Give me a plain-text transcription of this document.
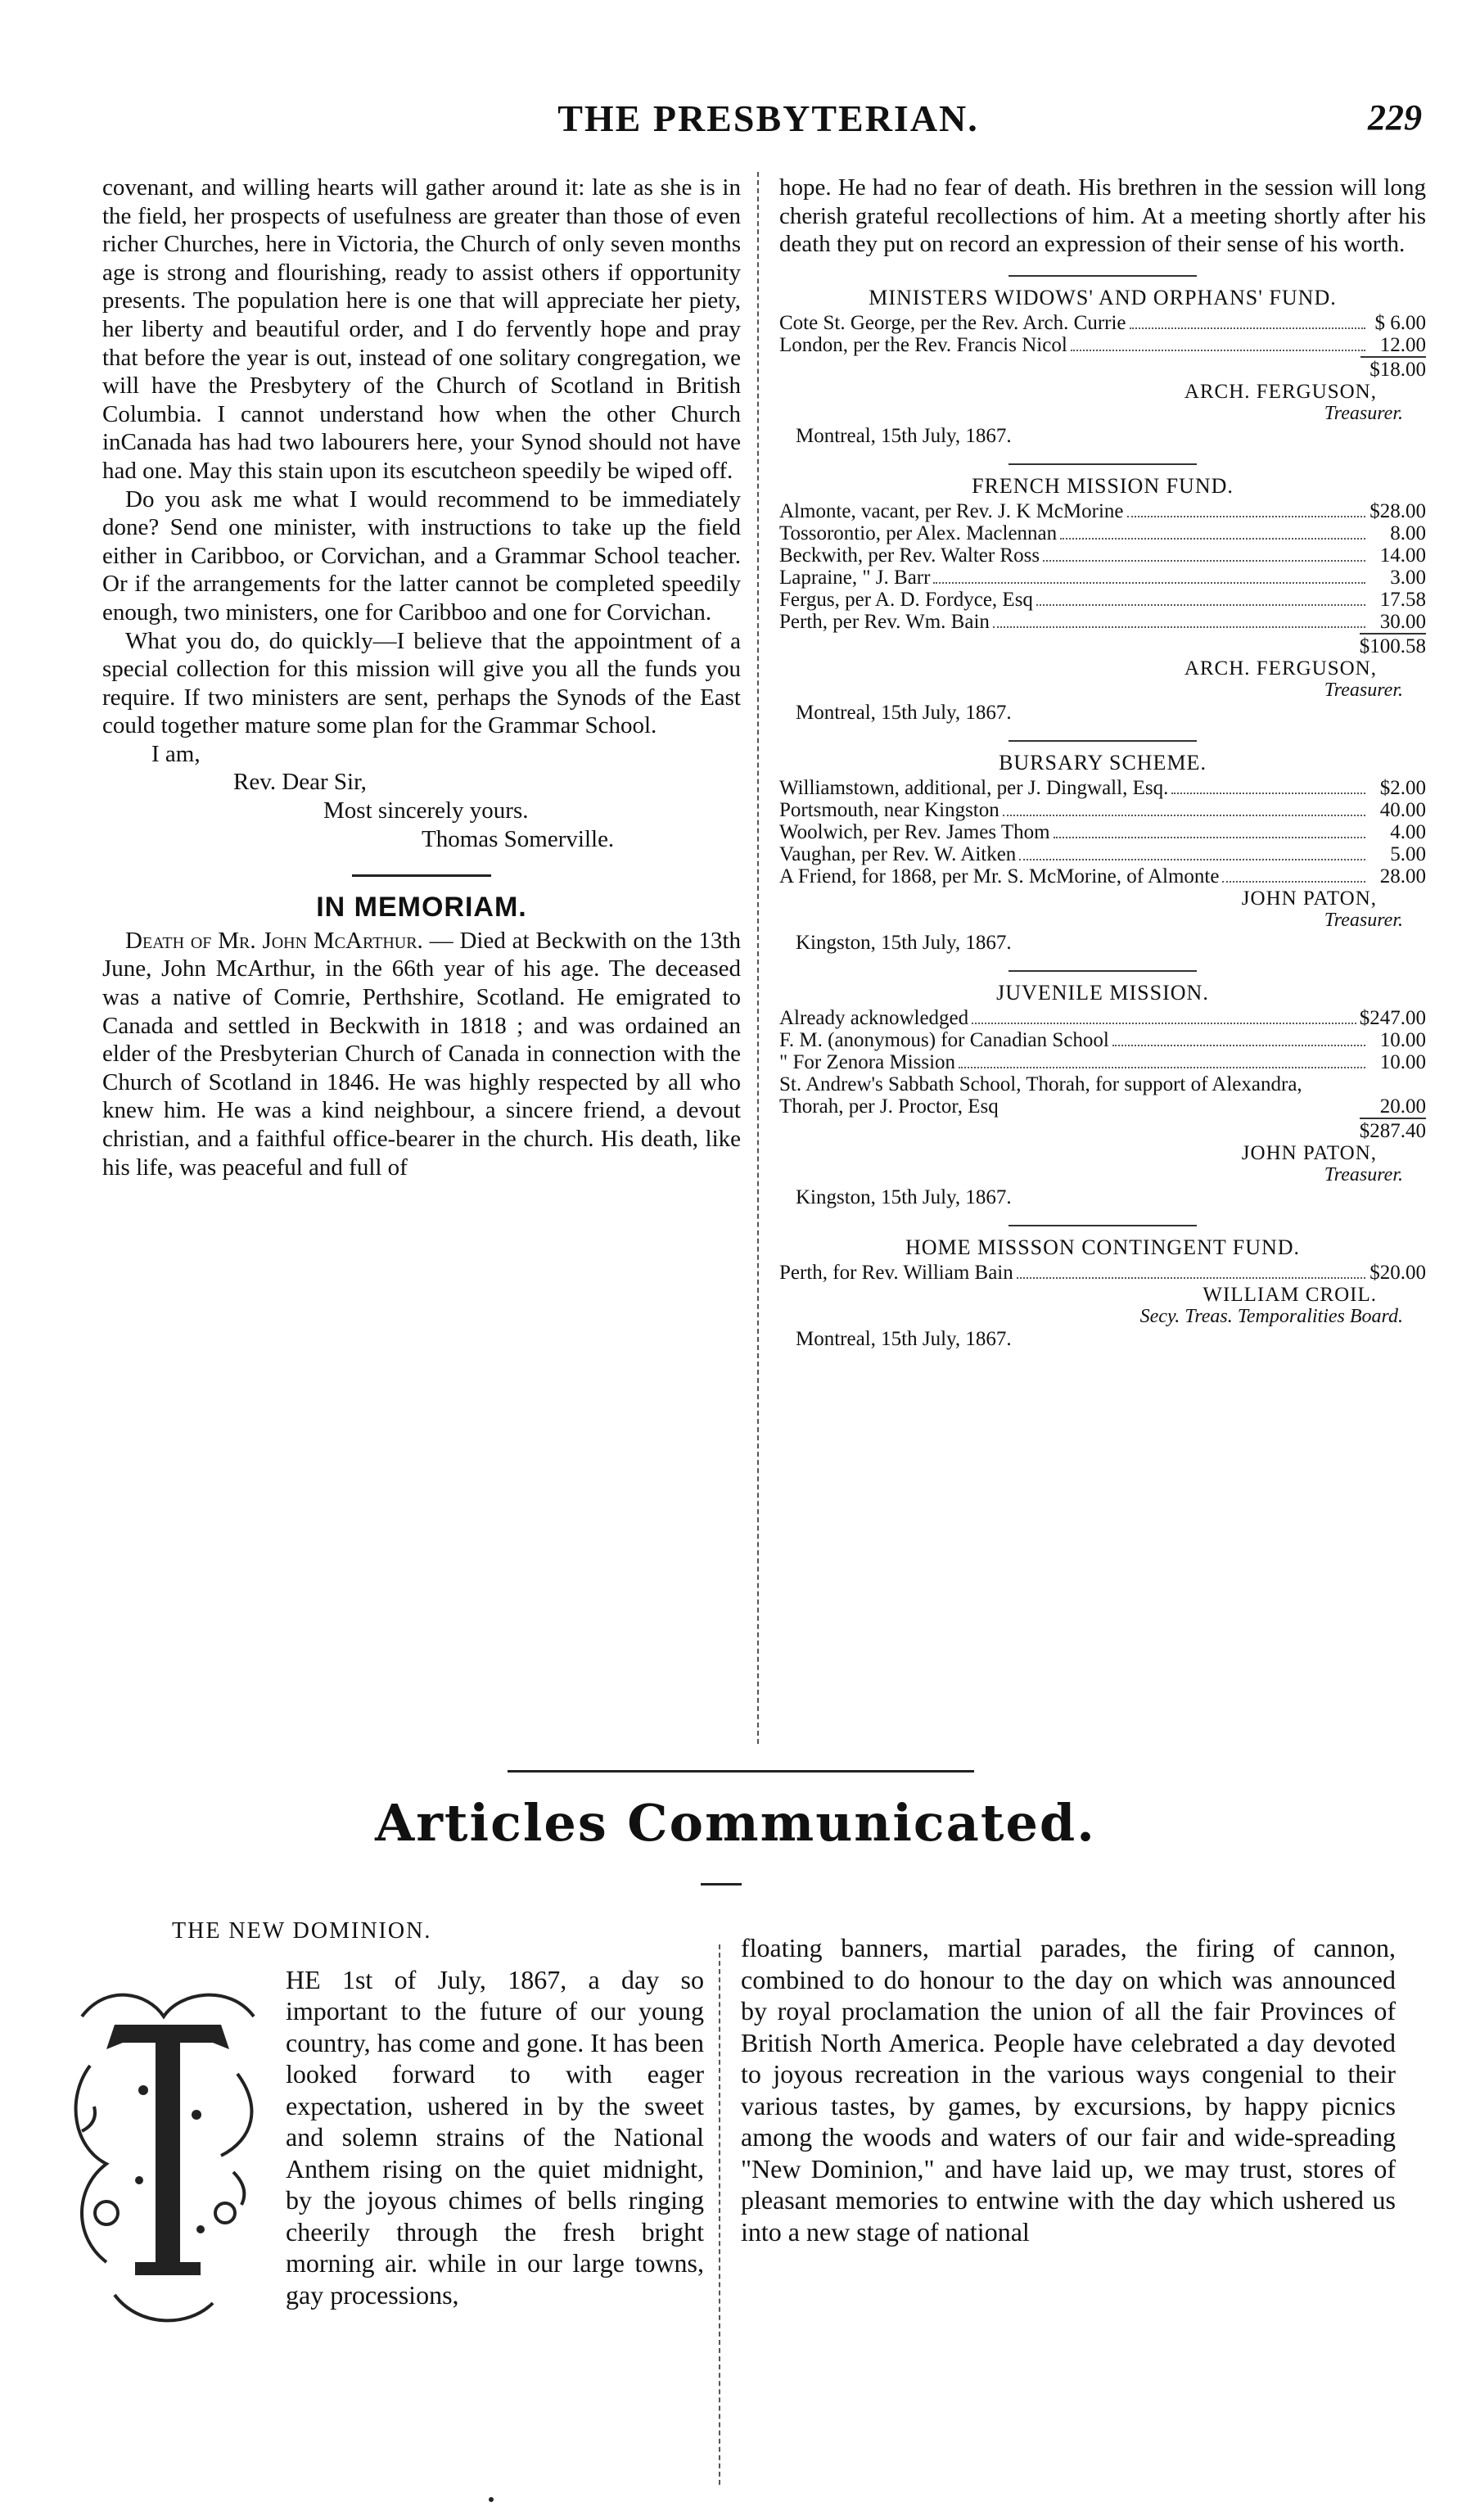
THE PRESBYTERIAN.	229

covenant, and willing hearts will gather around it: late as she is in the field, her prospects of usefulness are greater than those of even richer Churches, here in Victoria, the Church of only seven months age is strong and flourishing, ready to assist others if opportunity presents. The population here is one that will appreciate her piety, her liberty and beautiful order, and I do fervently hope and pray that before the year is out, instead of one solitary congregation, we will have the Presbytery of the Church of Scotland in British Columbia. I cannot understand how when the other Church inCanada has had two labourers here, your Synod should not have had one. May this stain upon its escutcheon speedily be wiped off.

Do you ask me what I would recommend to be immediately done? Send one minister, with instructions to take up the field either in Caribboo, or Corvichan, and a Grammar School teacher. Or if the arrangements for the latter cannot be completed speedily enough, two ministers, one for Caribboo and one for Corvichan.

What you do, do quickly—I believe that the appointment of a special collection for this mission will give you all the funds you require. If two ministers are sent, perhaps the Synods of the East could together mature some plan for the Grammar School.

I am,
Rev. Dear Sir,
Most sincerely yours.
Thomas Somerville.
IN MEMORIAM.

Death of Mr. John McArthur. — Died at Beckwith on the 13th June, John McArthur, in the 66th year of his age. The deceased was a native of Comrie, Perthshire, Scotland. He emigrated to Canada and settled in Beckwith in 1818 ; and was ordained an elder of the Presbyterian Church of Canada in connection with the Church of Scotland in 1846. He was highly respected by all who knew him. He was a kind neighbour, a sincere friend, a devout christian, and a faithful office-bearer in the church. His death, like his life, was peaceful and full of

hope. He had no fear of death. His brethren in the session will long cherish grateful recollections of him. At a meeting shortly after his death they put on record an expression of their sense of his worth.

MINISTERS WIDOWS' AND ORPHANS' FUND.
Cote St. George, per the Rev. Arch. Currie	$ 6.00
London, per the Rev. Francis Nicol	12.00
$18.00
ARCH. FERGUSON,
Treasurer.
Montreal, 15th July, 1867.
FRENCH MISSION FUND.
Almonte, vacant, per Rev. J. K McMorine	$28.00
Tossorontio, per Alex. Maclennan	8.00
Beckwith, per Rev. Walter Ross	14.00
Lapraine, " J. Barr	3.00
Fergus, per A. D. Fordyce, Esq	17.58
Perth, per Rev. Wm. Bain	30.00
$100.58
ARCH. FERGUSON,
Treasurer.
Montreal, 15th July, 1867.
BURSARY SCHEME.
Williamstown, additional, per J. Dingwall, Esq.	$2.00
Portsmouth, near Kingston	40.00
Woolwich, per Rev. James Thom	4.00
Vaughan, per Rev. W. Aitken	5.00
A Friend, for 1868, per Mr. S. McMorine, of Almonte	28.00
JOHN PATON,
Treasurer.
Kingston, 15th July, 1867.
JUVENILE MISSION.
Already acknowledged	$247.00
F. M. (anonymous) for Canadian School	10.00
" For Zenora Mission	10.00
St. Andrew's Sabbath School, Thorah, for support of Alexandra, Thorah, per J. Proctor, Esq	20.00
$287.40
JOHN PATON,
Treasurer.
Kingston, 15th July, 1867.
HOME MISSSON CONTINGENT FUND.
Perth, for Rev. William Bain	$20.00
WILLIAM CROIL.
Secy. Treas. Temporalities Board.
Montreal, 15th July, 1867.
Articles Communicated.
THE NEW DOMINION.
T

HE 1st of July, 1867, a day so important to the future of our young country, has come and gone. It has been looked forward to with eager expectation, ushered in by the sweet and solemn strains of the National Anthem rising on the quiet midnight, by the joyous chimes of bells ringing cheerily through the fresh bright morning air. while in our large towns, gay processions,

floating banners, martial parades, the firing of cannon, combined to do honour to the day on which was announced by royal proclamation the union of all the fair Provinces of British North America. People have celebrated a day devoted to joyous recreation in the various ways congenial to their various tastes, by games, by excursions, by happy picnics among the woods and waters of our fair and wide-spreading "New Dominion," and have laid up, we may trust, stores of pleasant memories to entwine with the day which ushered us into a new stage of national
